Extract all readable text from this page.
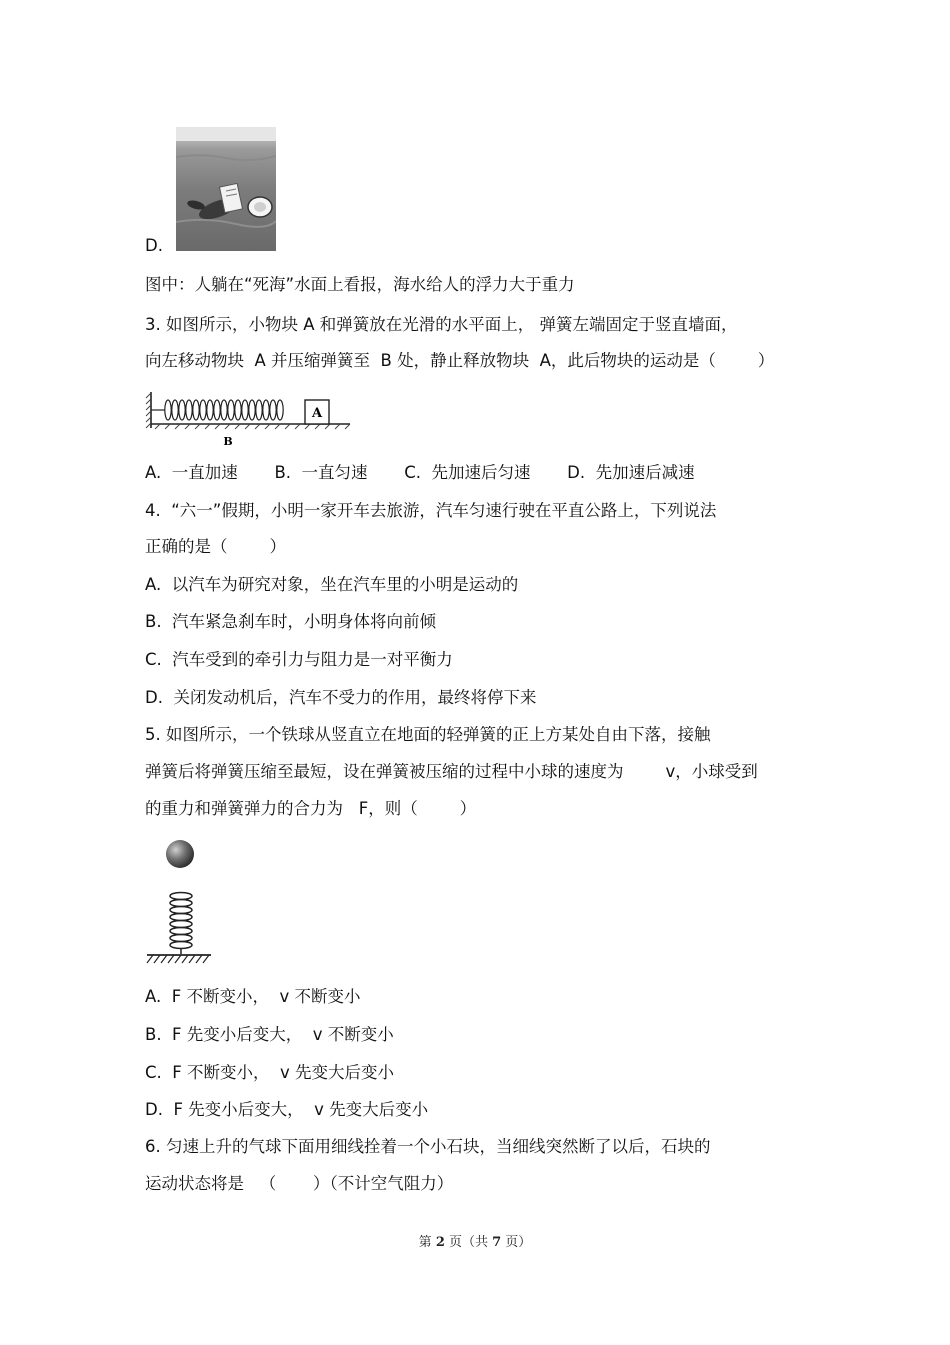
D.
图中：人躺在“死海”水面上看报，海水给人的浮力大于重力
3. 如图所示，小物块 A 和弹簧放在光滑的水平面上， 弹簧左端固定于竖直墙面，
向左移动物块  A 并压缩弹簧至  B 处，静止释放物块  A，此后物块的运动是（        ）
A
B
A.  一直加速       B.  一直匀速       C.  先加速后匀速       D.  先加速后减速
4.  “六一”假期，小明一家开车去旅游，汽车匀速行驶在平直公路上，下列说法
正确的是（        ）
A.  以汽车为研究对象，坐在汽车里的小明是运动的
B.  汽车紧急刹车时，小明身体将向前倾
C.  汽车受到的牵引力与阻力是一对平衡力
D.  关闭发动机后，汽车不受力的作用，最终将停下来
5. 如图所示，一个铁球从竖直立在地面的轻弹簧的正上方某处自由下落，接触
弹簧后将弹簧压缩至最短，设在弹簧被压缩的过程中小球的速度为        v，小球受到
的重力和弹簧弹力的合力为   F，则（        ）
A.  F 不断变小，  v 不断变小
B.  F 先变小后变大，  v 不断变小
C.  F 不断变小，  v 先变大后变小
D.  F 先变小后变大，  v 先变大后变小
6. 匀速上升的气球下面用细线拴着一个小石块，当细线突然断了以后，石块的
运动状态将是   （       ）（不计空气阻力）
第 2 页（共 7 页）
